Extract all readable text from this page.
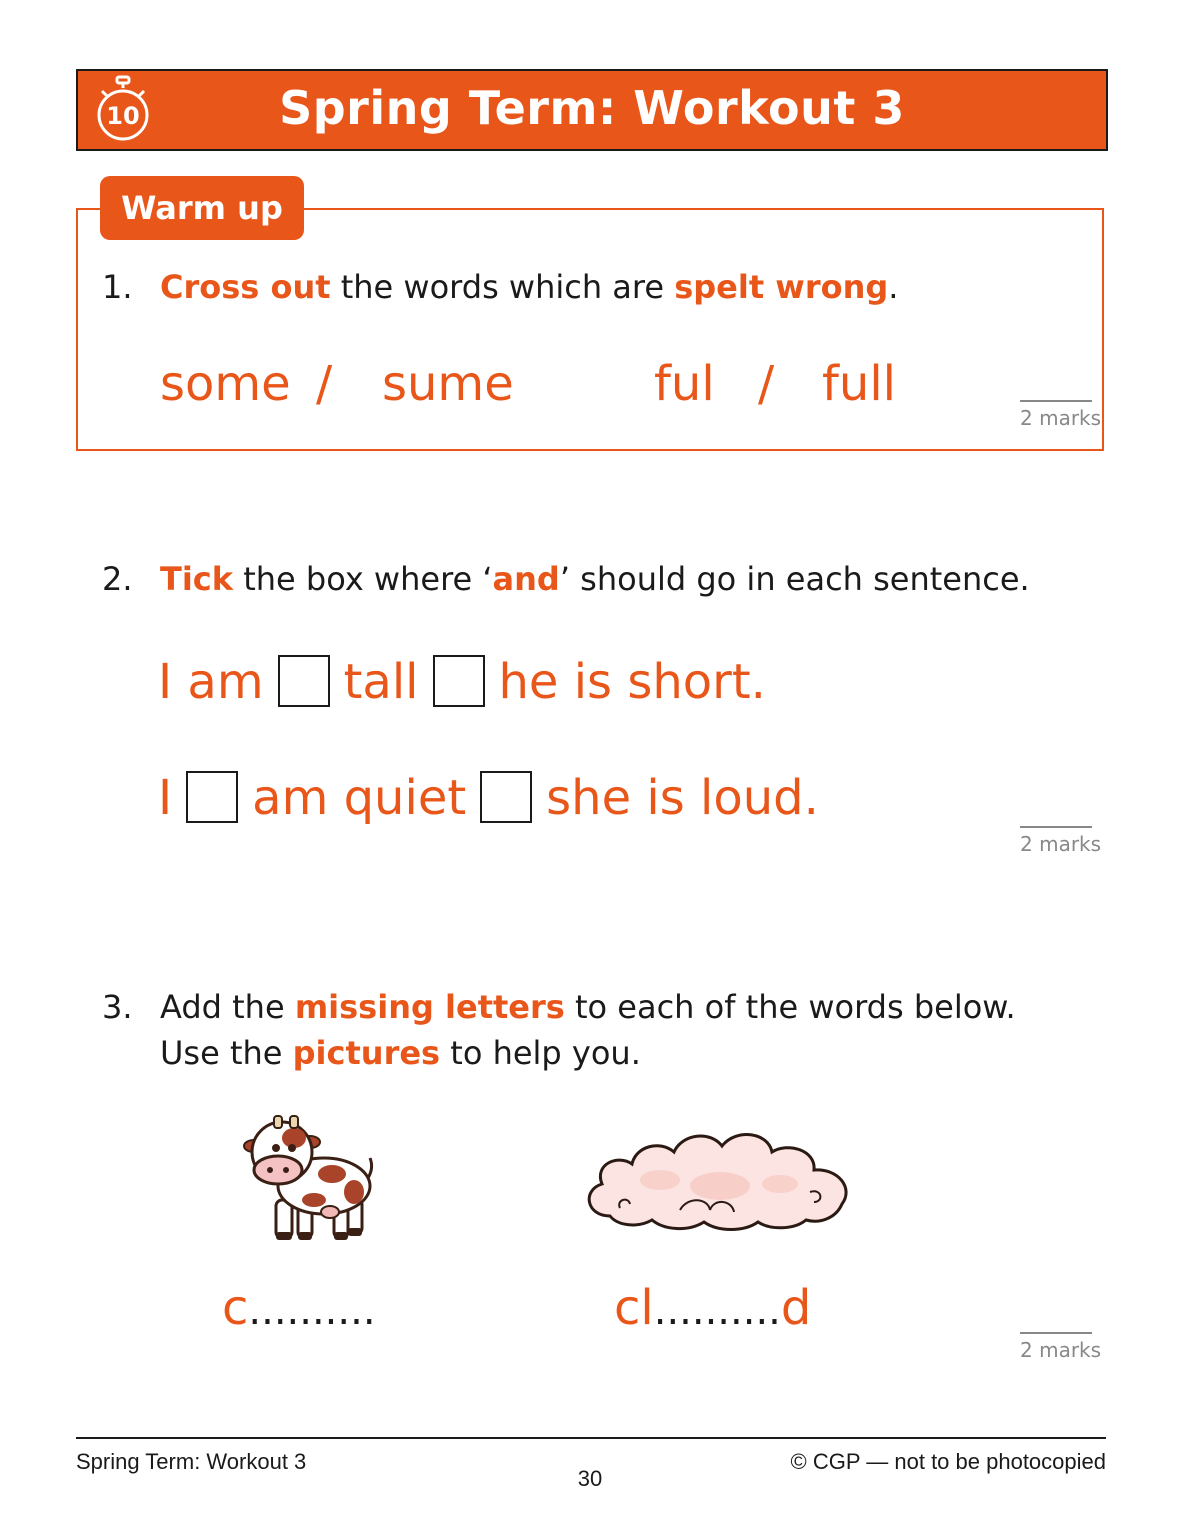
10	Spring Term: Workout 3
Warm up
1. Cross out the words which are spelt wrong.
some / sume	ful / full
2 marks
2. Tick the box where ‘and’ should go in each sentence.
I am tall he is short.
I am quiet she is loud.
2 marks
3. Add the missing letters to each of the words below.
Use the pictures to help you.
c..........	cl..........d
2 marks
Spring Term: Workout 3
30
© CGP — not to be photocopied
